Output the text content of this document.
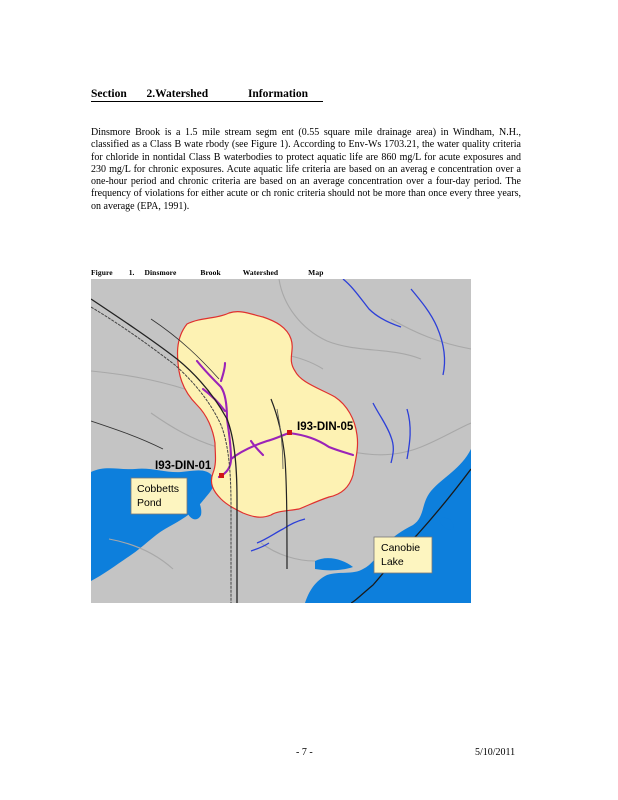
Section 2.Watershed	Information

Dinsmore Brook is a 1.5 mile stream segm ent (0.55 square mile drainage area) in Windham, N.H., classified as a Class B wate rbody (see Figure 1). According to Env-Ws 1703.21, the water quality criteria for chloride in nontidal Class B waterbodies to protect aquatic life are 860 mg/L for acute exposures and 230 mg/L for chronic exposures. Acute aquatic life criteria are based on an averag e concentration over a one-hour period and chronic criteria are based on an average concentration over a four-day period. The frequency of violations for either acute or ch ronic criteria should not be more than once every three years, on average (EPA, 1991).

Figure 1. Dinsmore	Brook	Watershed	Map
I93-DIN-05
I93-DIN-01
Cobbetts
Pond
Canobie
Lake
- 7 -	5/10/2011
